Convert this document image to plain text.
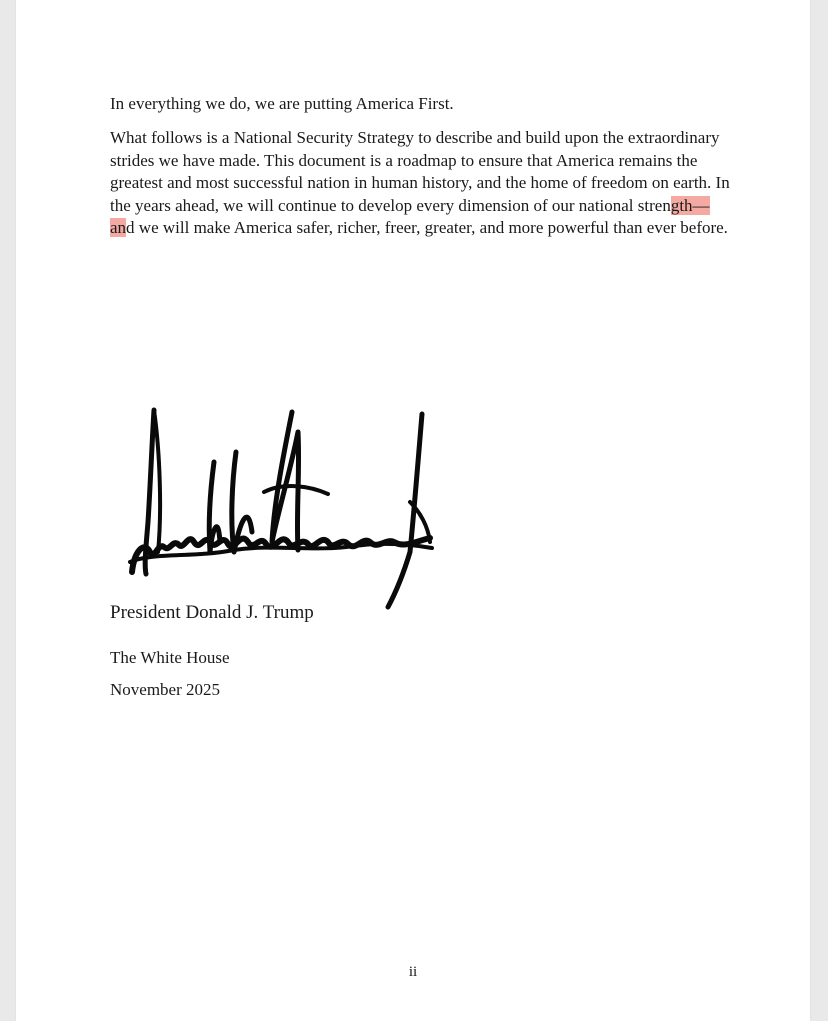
In everything we do, we are putting America First.

What follows is a National Security Strategy to describe and build upon the extraordinary strides we have made. This document is a roadmap to ensure that America remains the greatest and most successful nation in human history, and the home of freedom on earth. In the years ahead, we will continue to develop every dimension of our national strength—and we will make America safer, richer, freer, greater, and more powerful than ever before.

President Donald J. Trump

The White House

November 2025

ii
